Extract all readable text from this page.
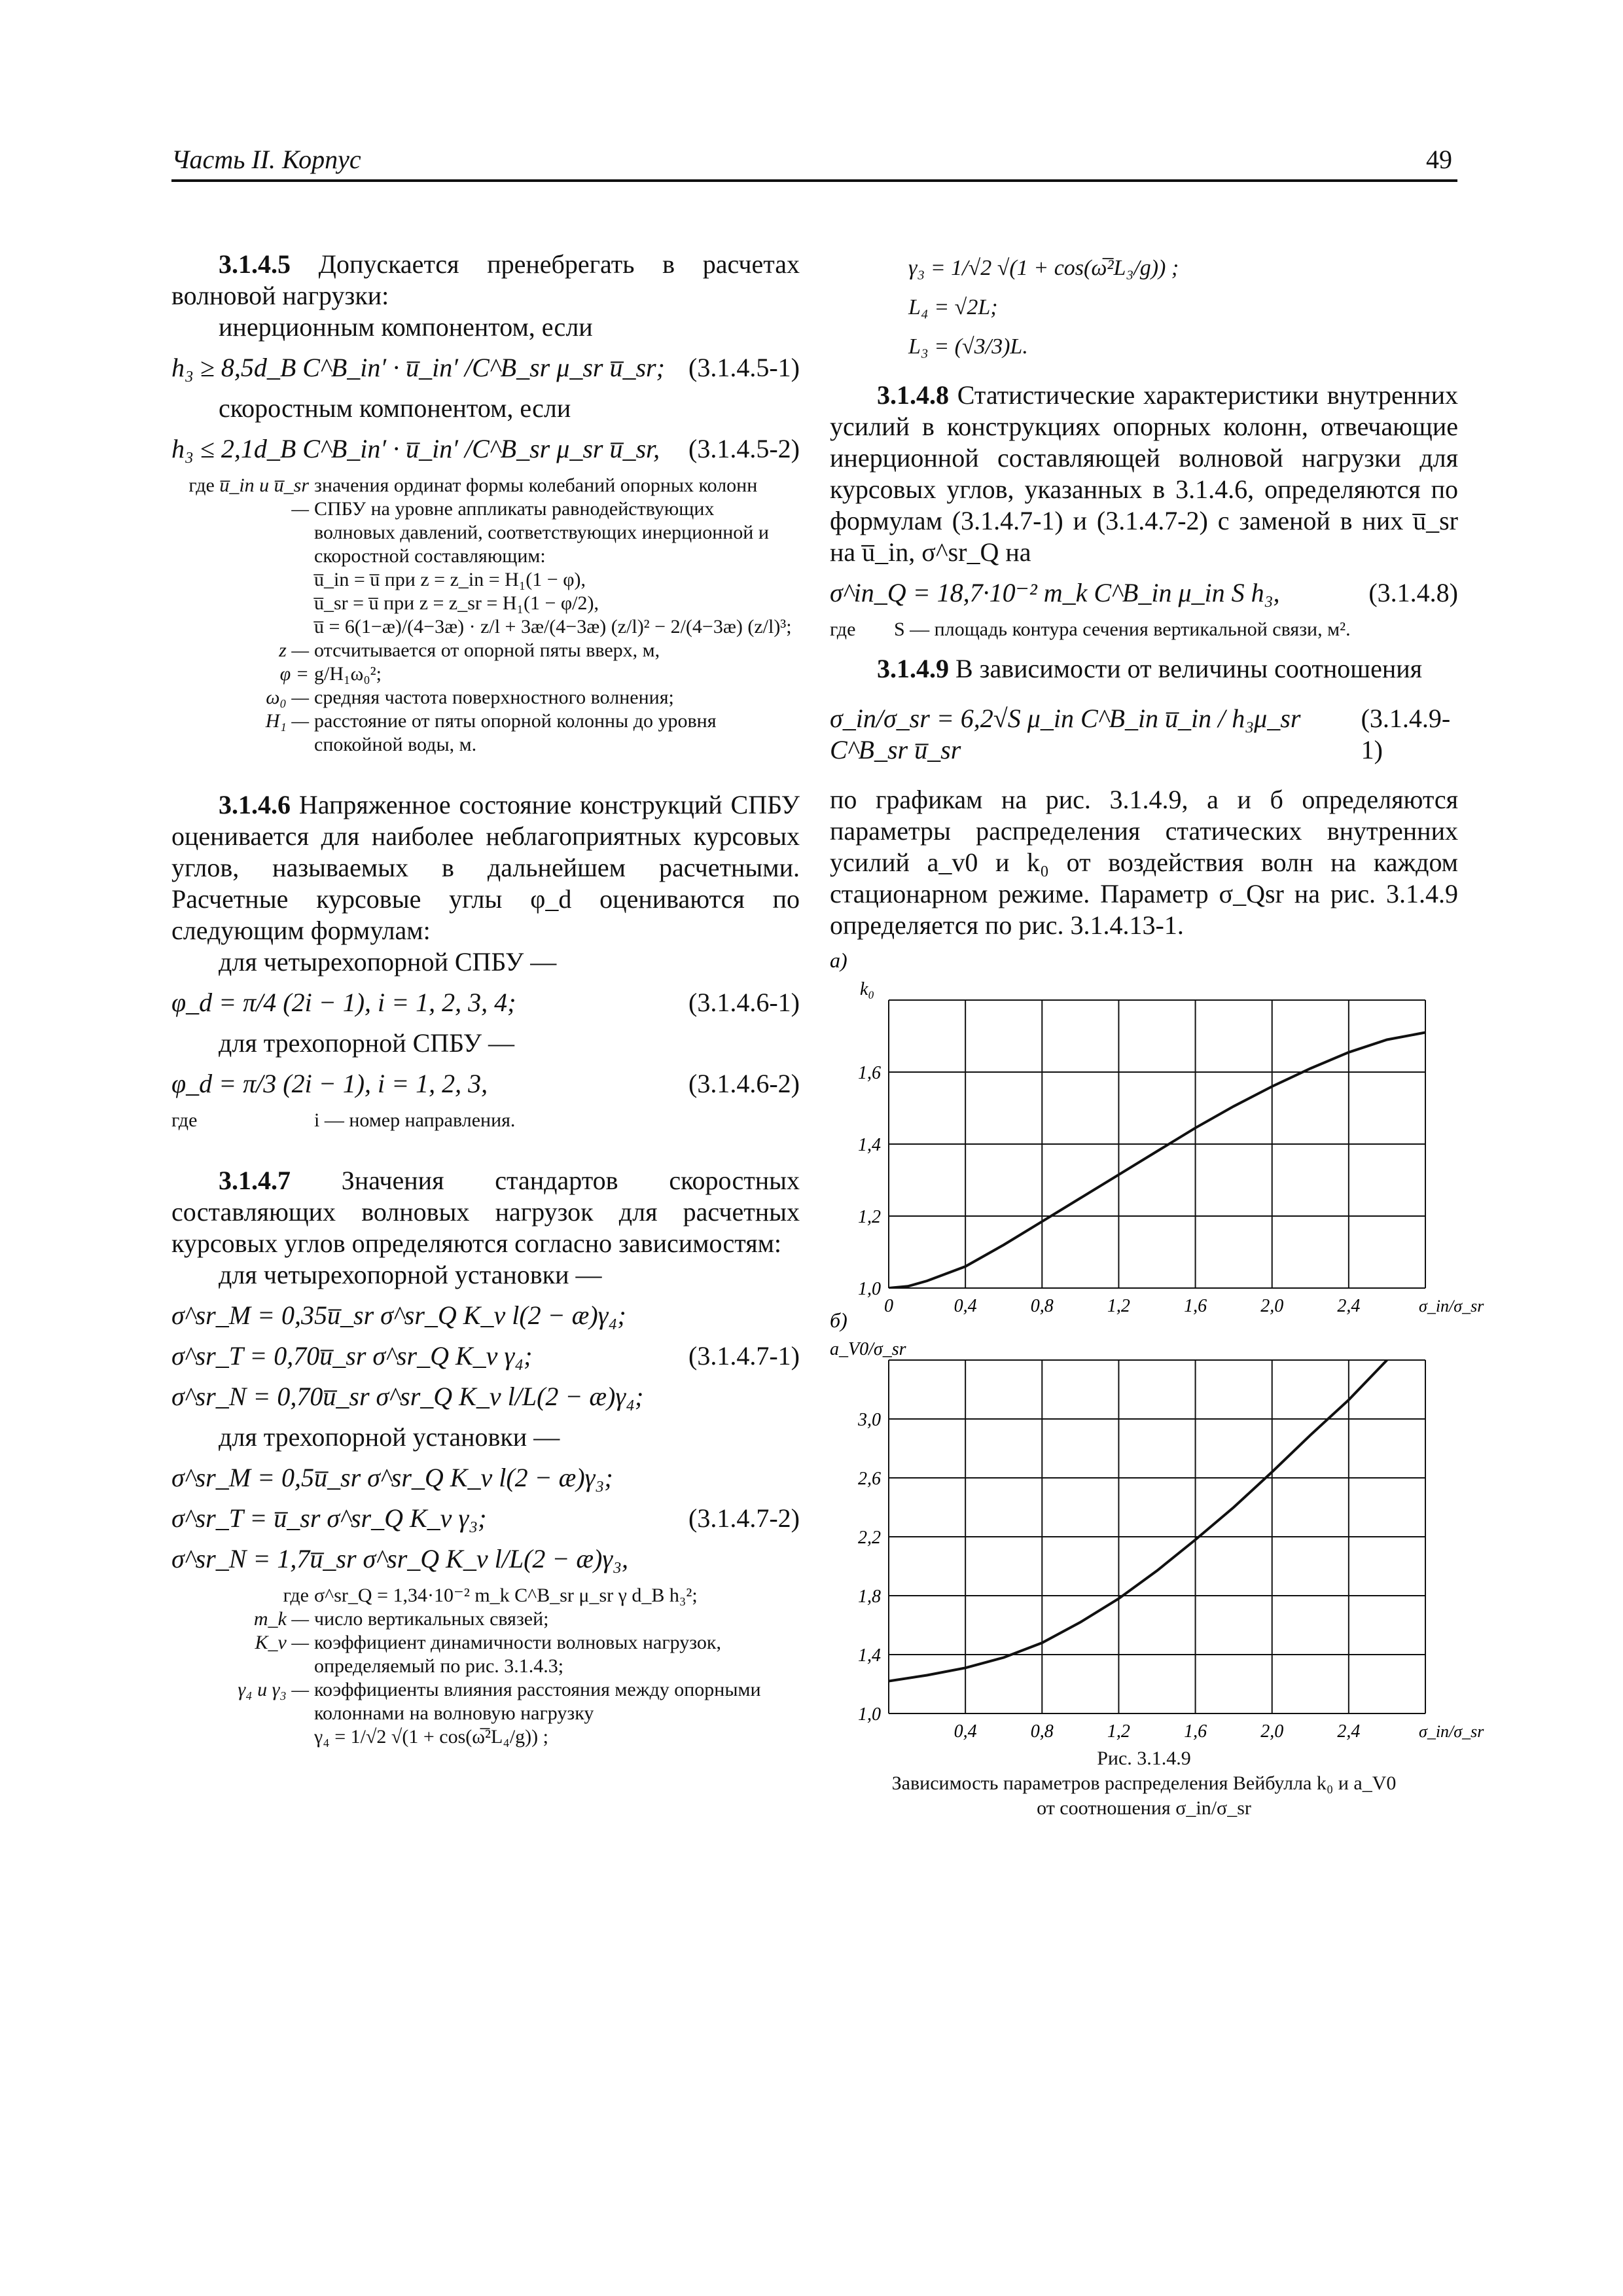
Часть II. Корпус	49

3.1.4.5 Допускается пренебрегать в расчетах волновой нагрузки:

инерционным компонентом, если

h₃ ≥ 8,5d_B C^B_in′ · u̅_in′ /C^B_sr μ_sr u̅_sr; (3.1.4.5-1)

скоростным компонентом, если

h₃ ≤ 2,1d_B C^B_in′ · u̅_in′ /C^B_sr μ_sr u̅_sr, (3.1.4.5-2)
где u̅_in и u̅_sr —
значения ординат формы колебаний опорных колонн СПБУ на уровне аппликаты равнодействующих волновых давлений, соответствующих инерционной и скоростной составляющим:
u̅_in = u̅ при z = z_in = H₁(1 − φ),
u̅_sr = u̅ при z = z_sr = H₁(1 − φ/2),
u̅ = 6(1−æ)/(4−3æ) · z/l + 3æ/(4−3æ) (z/l)² − 2/(4−3æ) (z/l)³;
z — отсчитывается от опорной пяты вверх, м,
φ = g/H₁ω₀²;
ω₀ — средняя частота поверхностного волнения;
H₁ — расстояние от пяты опорной колонны до уровня спокойной воды, м.

3.1.4.6 Напряженное состояние конструкций СПБУ оценивается для наиболее неблагоприятных курсовых углов, называемых в дальнейшем расчетными. Расчетные курсовые углы φ_d оцениваются по следующим формулам:

для четырехопорной СПБУ —

φ_d = π/4 (2i − 1), i = 1, 2, 3, 4;	(3.1.4.6-1)

для трехопорной СПБУ —

φ_d = π/3 (2i − 1), i = 1, 2, 3,	(3.1.4.6-2)
где	i — номер направления.

3.1.4.7 Значения стандартов скоростных составляющих волновых нагрузок для расчетных курсовых углов определяются согласно зависимостям:

для четырехопорной установки —

σ^sr_M = 0,35u̅_sr σ^sr_Q K_v l(2 − æ)γ₄;
σ^sr_T = 0,70u̅_sr σ^sr_Q K_v γ₄;	(3.1.4.7-1)
σ^sr_N = 0,70u̅_sr σ^sr_Q K_v l/L(2 − æ)γ₄;

для трехопорной установки —

σ^sr_M = 0,5u̅_sr σ^sr_Q K_v l(2 − æ)γ₃;
σ^sr_T = u̅_sr σ^sr_Q K_v γ₃;	(3.1.4.7-2)
σ^sr_N = 1,7u̅_sr σ^sr_Q K_v l/L(2 − æ)γ₃,
где σ^sr_Q = 1,34·10⁻² m_k C^B_sr μ_sr γ d_B h₃²;
m_k — число вертикальных связей;
K_v — коэффициент динамичности волновых нагрузок, определяемый по рис. 3.1.4.3;
γ₄ и γ₃ — коэффициенты влияния расстояния между опорными колоннами на волновую нагрузку
γ₄ = 1/√2 √(1 + cos(ω̅²L₄/g)) ;

γ₃ = 1/√2 √(1 + cos(ω̅²L₃/g)) ;

L₄ = √2L;

L₃ = (√3/3)L.

3.1.4.8 Статистические характеристики внутренних усилий в конструкциях опорных колонн, отвечающие инерционной составляющей волновой нагрузки для курсовых углов, указанных в 3.1.4.6, определяются по формулам (3.1.4.7-1) и (3.1.4.7-2) с заменой в них u̅_sr на u̅_in, σ^sr_Q на

σ^in_Q = 18,7·10⁻² m_k C^B_in μ_in S h₃,	(3.1.4.8)
где	S — площадь контура сечения вертикальной связи, м².

3.1.4.9 В зависимости от величины соотношения

σ_in/σ_sr = 6,2√S μ_in C^B_in u̅_in / h₃μ_sr C^B_sr u̅_sr
(3.1.4.9-1)

по графикам на рис. 3.1.4.9, а и б определяются параметры распределения статических внутренних усилий a_v0 и k₀ от воздействия волн на каждом стационарном режиме. Параметр σ_Qsr на рис. 3.1.4.9 определяется по рис. 3.1.4.13-1.

а)
k₀
1,0
1,2
1,4
1,6
0	0,4	0,8	1,2	1,6	2,0	2,4	σ_in/σ_sr
б)
a_V0/σ_sr
1,0
1,4
1,8
2,2
2,6
3,0
0,4	0,8	1,2	1,6	2,0	2,4	σ_in/σ_sr
Рис. 3.1.4.9
Зависимость параметров распределения Вейбулла k₀ и a_V0
от соотношения σ_in/σ_sr
